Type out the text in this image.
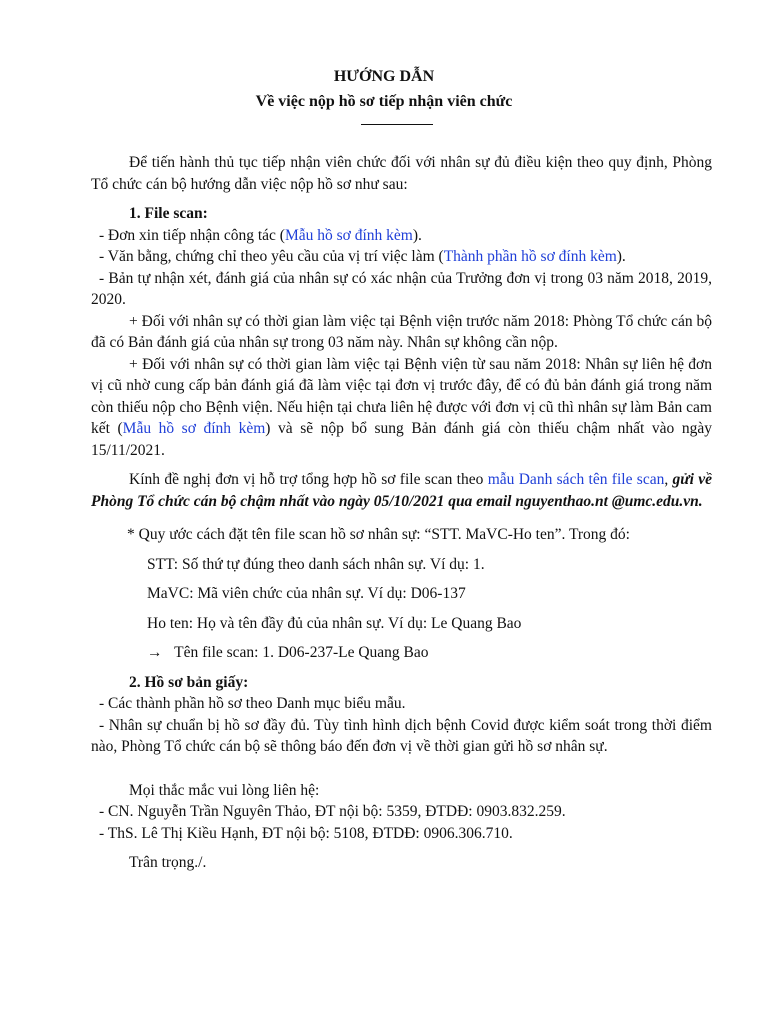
HƯỚNG DẪN
Về việc nộp hồ sơ tiếp nhận viên chức

Để tiến hành thủ tục tiếp nhận viên chức đối với nhân sự đủ điều kiện theo quy định, Phòng Tổ chức cán bộ hướng dẫn việc nộp hồ sơ như sau:

1. File scan:

- Đơn xin tiếp nhận công tác (Mẫu hồ sơ đính kèm).

- Văn bằng, chứng chỉ theo yêu cầu của vị trí việc làm (Thành phần hồ sơ đính kèm).

- Bản tự nhận xét, đánh giá của nhân sự có xác nhận của Trưởng đơn vị trong 03 năm 2018, 2019, 2020.

+ Đối với nhân sự có thời gian làm việc tại Bệnh viện trước năm 2018: Phòng Tổ chức cán bộ đã có Bản đánh giá của nhân sự trong 03 năm này. Nhân sự không cần nộp.

+ Đối với nhân sự có thời gian làm việc tại Bệnh viện từ sau năm 2018: Nhân sự liên hệ đơn vị cũ nhờ cung cấp bản đánh giá đã làm việc tại đơn vị trước đây, để có đủ bản đánh giá trong năm còn thiếu nộp cho Bệnh viện. Nếu hiện tại chưa liên hệ được với đơn vị cũ thì nhân sự làm Bản cam kết (Mẫu hồ sơ đính kèm) và sẽ nộp bổ sung Bản đánh giá còn thiếu chậm nhất vào ngày 15/11/2021.

Kính đề nghị đơn vị hỗ trợ tổng hợp hồ sơ file scan theo mẫu Danh sách tên file scan, gửi về Phòng Tổ chức cán bộ chậm nhất vào ngày 05/10/2021 qua email nguyenthao.nt @umc.edu.vn.

* Quy ước cách đặt tên file scan hồ sơ nhân sự: “STT. MaVC-Ho ten”. Trong đó:

STT: Số thứ tự đúng theo danh sách nhân sự. Ví dụ: 1.

MaVC: Mã viên chức của nhân sự. Ví dụ: D06-137

Ho ten: Họ và tên đầy đủ của nhân sự. Ví dụ: Le Quang Bao

→ Tên file scan: 1. D06-237-Le Quang Bao

2. Hồ sơ bản giấy:

- Các thành phần hồ sơ theo Danh mục biểu mẫu.

- Nhân sự chuẩn bị hồ sơ đầy đủ. Tùy tình hình dịch bệnh Covid được kiểm soát trong thời điểm nào, Phòng Tổ chức cán bộ sẽ thông báo đến đơn vị về thời gian gửi hồ sơ nhân sự.

Mọi thắc mắc vui lòng liên hệ:

- CN. Nguyễn Trần Nguyên Thảo, ĐT nội bộ: 5359, ĐTDĐ: 0903.832.259.

- ThS. Lê Thị Kiều Hạnh, ĐT nội bộ: 5108, ĐTDĐ: 0906.306.710.

Trân trọng./.
